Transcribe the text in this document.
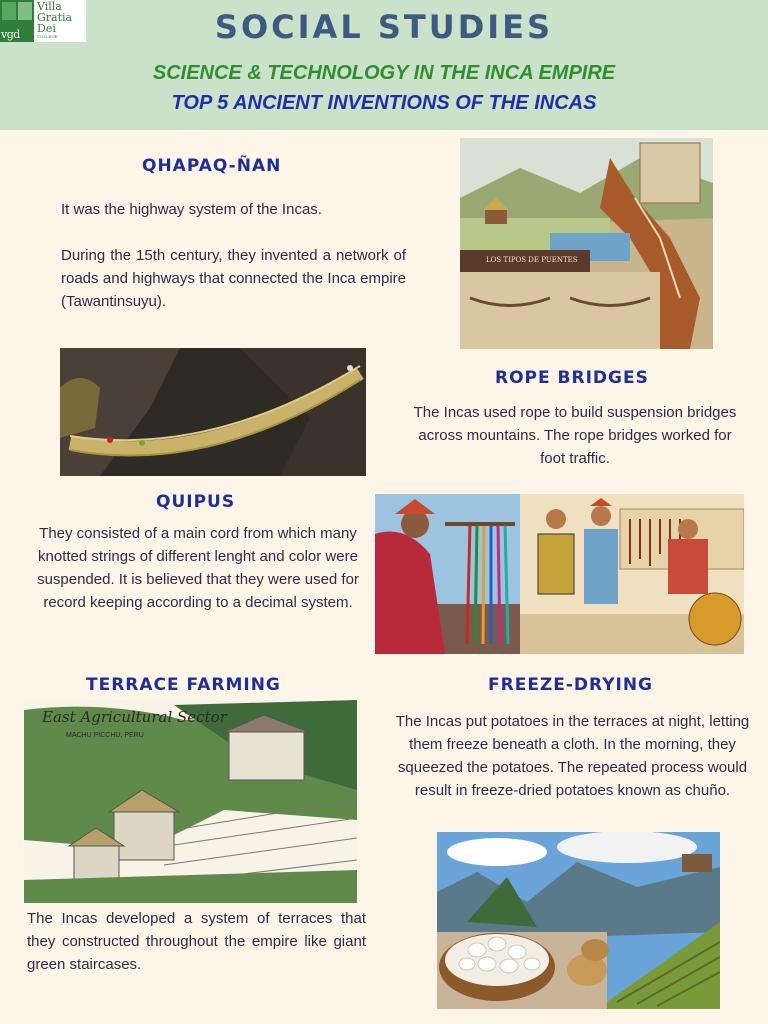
vgd
Villa
Gratia
Dei
COLLEGE	SOCIAL STUDIES
SCIENCE & TECHNOLOGY IN THE INCA EMPIRE
TOP 5 ANCIENT INVENTIONS OF THE INCAS
QHAPAQ-ÑAN

It was the highway system of the Incas.

During the 15th century, they invented a network of roads and highways that connected the Inca empire (Tawantinsuyu).

LOS TIPOS DE PUENTES
ROPE BRIDGES

The Incas used rope to build suspension bridges across mountains. The rope bridges worked for foot traffic.

QUIPUS

They consisted of a main cord from which many knotted strings of different lenght and color were suspended. It is believed that they were used for record keeping according to a decimal system.

TERRACE FARMING
East Agricultural Sector
MACHU PICCHU, PERU

The Incas developed a system of terraces that they constructed throughout the empire like giant green staircases.

FREEZE-DRYING

The Incas put potatoes in the terraces at night, letting them freeze beneath a cloth. In the morning, they squeezed the potatoes. The repeated process would result in freeze-dried potatoes known as chuño.
